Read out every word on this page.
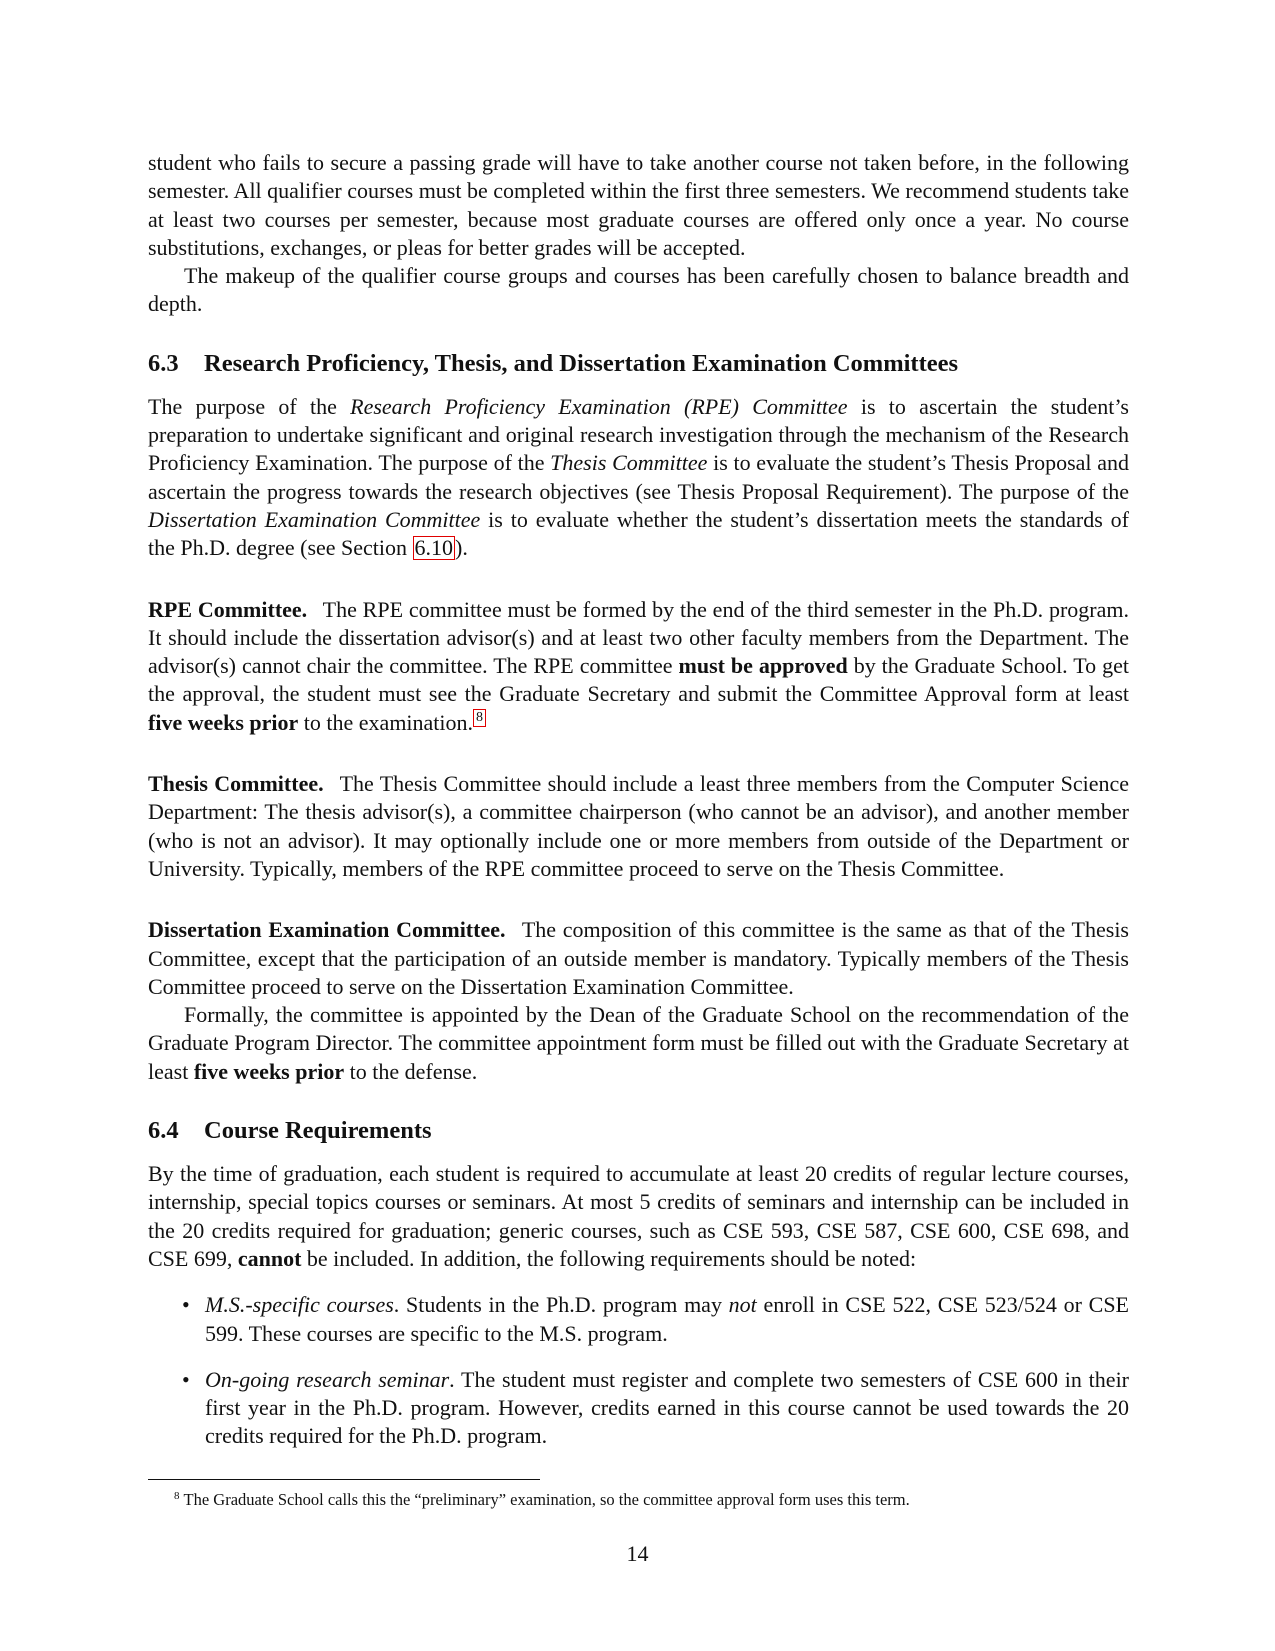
student who fails to secure a passing grade will have to take another course not taken before, in the following semester. All qualifier courses must be completed within the first three semesters. We recommend students take at least two courses per semester, because most graduate courses are offered only once a year. No course substitutions, exchanges, or pleas for better grades will be accepted.

The makeup of the qualifier course groups and courses has been carefully chosen to balance breadth and depth.

6.3 Research Proficiency, Thesis, and Dissertation Examination Committees

The purpose of the Research Proficiency Examination (RPE) Committee is to ascertain the student’s preparation to undertake significant and original research investigation through the mechanism of the Research Proficiency Examination. The purpose of the Thesis Committee is to evaluate the student’s Thesis Proposal and ascertain the progress towards the research objectives (see Thesis Proposal Requirement). The purpose of the Dissertation Examination Committee is to evaluate whether the student’s dissertation meets the standards of the Ph.D. degree (see Section 6.10).

RPE Committee. The RPE committee must be formed by the end of the third semester in the Ph.D. program. It should include the dissertation advisor(s) and at least two other faculty members from the Department. The advisor(s) cannot chair the committee. The RPE committee must be approved by the Graduate School. To get the approval, the student must see the Graduate Secretary and submit the Committee Approval form at least five weeks prior to the examination. 8

Thesis Committee. The Thesis Committee should include a least three members from the Computer Science Department: The thesis advisor(s), a committee chairperson (who cannot be an advisor), and another member (who is not an advisor). It may optionally include one or more members from outside of the Department or University. Typically, members of the RPE committee proceed to serve on the Thesis Committee.

Dissertation Examination Committee. The composition of this committee is the same as that of the Thesis Committee, except that the participation of an outside member is mandatory. Typically members of the Thesis Committee proceed to serve on the Dissertation Examination Committee.

Formally, the committee is appointed by the Dean of the Graduate School on the recommendation of the Graduate Program Director. The committee appointment form must be filled out with the Graduate Secretary at least five weeks prior to the defense.

6.4 Course Requirements

By the time of graduation, each student is required to accumulate at least 20 credits of regular lecture courses, internship, special topics courses or seminars. At most 5 credits of seminars and internship can be included in the 20 credits required for graduation; generic courses, such as CSE 593, CSE 587, CSE 600, CSE 698, and CSE 699, cannot be included. In addition, the following requirements should be noted:

• M.S.-specific courses. Students in the Ph.D. program may not enroll in CSE 522, CSE 523/524 or CSE 599. These courses are specific to the M.S. program.
• On-going research seminar. The student must register and complete two semesters of CSE 600 in their first year in the Ph.D. program. However, credits earned in this course cannot be used towards the 20 credits required for the Ph.D. program.
$^8$ The Graduate School calls this the “preliminary” examination, so the committee approval form uses this term.
14
